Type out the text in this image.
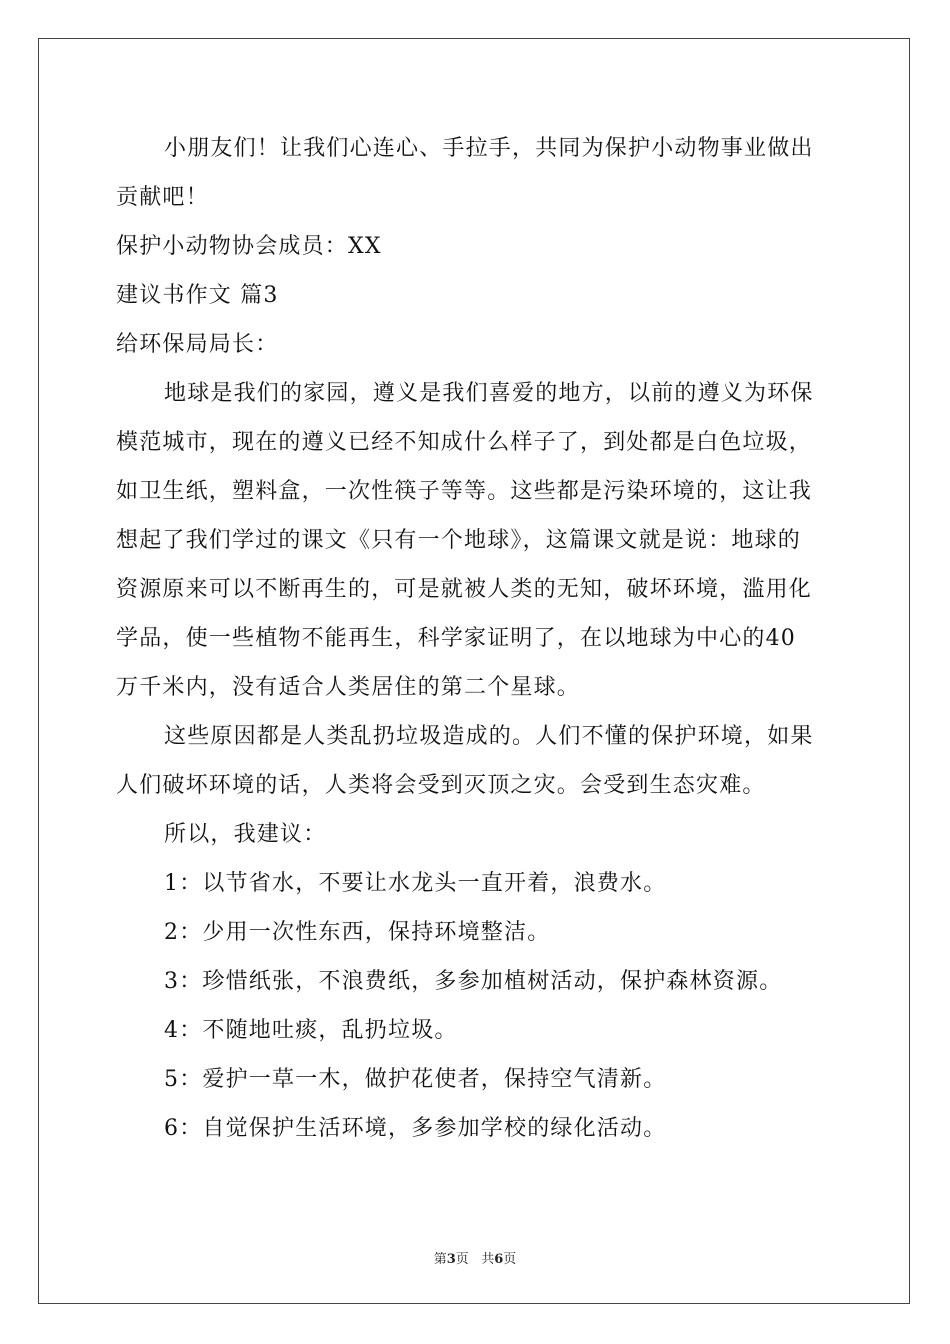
小朋友们！让我们心连心、手拉手，共同为保护小动物事业做出
贡献吧！
保护小动物协会成员：XX
建议书作文 篇3
给环保局局长：
地球是我们的家园，遵义是我们喜爱的地方，以前的遵义为环保
模范城市，现在的遵义已经不知成什么样子了，到处都是白色垃圾，
如卫生纸，塑料盒，一次性筷子等等。这些都是污染环境的，这让我
想起了我们学过的课文《只有一个地球》，这篇课文就是说：地球的
资源原来可以不断再生的，可是就被人类的无知，破坏环境，滥用化
学品，使一些植物不能再生，科学家证明了，在以地球为中心的40
万千米内，没有适合人类居住的第二个星球。
这些原因都是人类乱扔垃圾造成的。人们不懂的保护环境，如果
人们破坏环境的话，人类将会受到灭顶之灾。会受到生态灾难。
所以，我建议：
1：以节省水，不要让水龙头一直开着，浪费水。
2：少用一次性东西，保持环境整洁。
3：珍惜纸张，不浪费纸，多参加植树活动，保护森林资源。
4：不随地吐痰，乱扔垃圾。
5：爱护一草一木，做护花使者，保持空气清新。
6：自觉保护生活环境，多参加学校的绿化活动。
第3页 共6页
